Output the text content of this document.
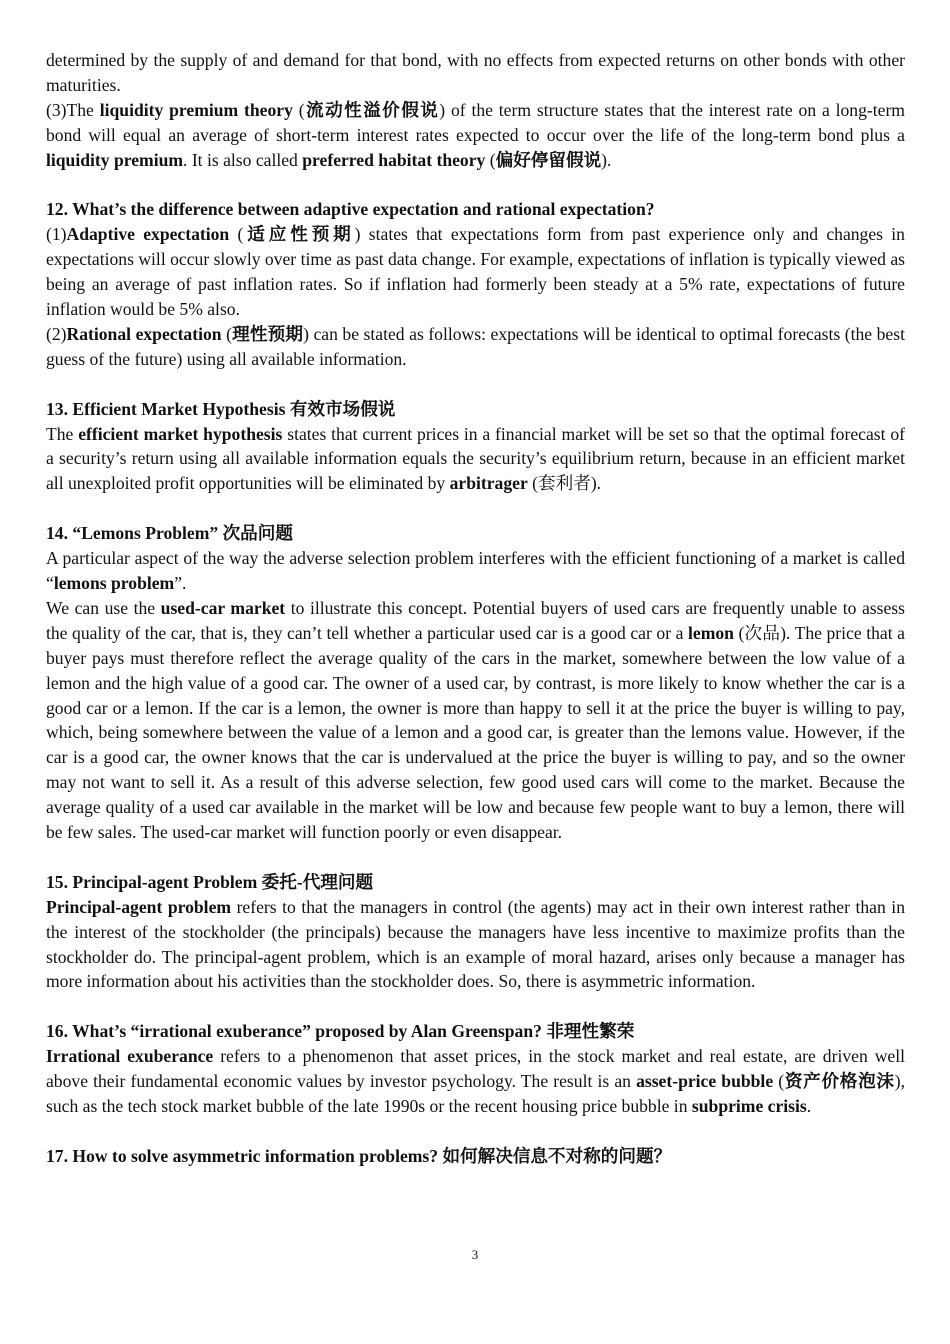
determined by the supply of and demand for that bond, with no effects from expected returns on other bonds with other maturities.

(3)The liquidity premium theory (流动性溢价假说) of the term structure states that the interest rate on a long-term bond will equal an average of short-term interest rates expected to occur over the life of the long-term bond plus a liquidity premium. It is also called preferred habitat theory (偏好停留假说).

12. What’s the difference between adaptive expectation and rational expectation?

(1)Adaptive expectation (适应性预期) states that expectations form from past experience only and changes in expectations will occur slowly over time as past data change. For example, expectations of inflation is typically viewed as being an average of past inflation rates. So if inflation had formerly been steady at a 5% rate, expectations of future inflation would be 5% also.

(2)Rational expectation (理性预期) can be stated as follows: expectations will be identical to optimal forecasts (the best guess of the future) using all available information.

13. Efficient Market Hypothesis 有效市场假说

The efficient market hypothesis states that current prices in a financial market will be set so that the optimal forecast of a security’s return using all available information equals the security’s equilibrium return, because in an efficient market all unexploited profit opportunities will be eliminated by arbitrager (套利者).

14. “Lemons Problem” 次品问题

A particular aspect of the way the adverse selection problem interferes with the efficient functioning of a market is called “lemons problem”.

We can use the used-car market to illustrate this concept. Potential buyers of used cars are frequently unable to assess the quality of the car, that is, they can’t tell whether a particular used car is a good car or a lemon (次品). The price that a buyer pays must therefore reflect the average quality of the cars in the market, somewhere between the low value of a lemon and the high value of a good car. The owner of a used car, by contrast, is more likely to know whether the car is a good car or a lemon. If the car is a lemon, the owner is more than happy to sell it at the price the buyer is willing to pay, which, being somewhere between the value of a lemon and a good car, is greater than the lemons value. However, if the car is a good car, the owner knows that the car is undervalued at the price the buyer is willing to pay, and so the owner may not want to sell it. As a result of this adverse selection, few good used cars will come to the market. Because the average quality of a used car available in the market will be low and because few people want to buy a lemon, there will be few sales. The used-car market will function poorly or even disappear.

15. Principal-agent Problem 委托-代理问题

Principal-agent problem refers to that the managers in control (the agents) may act in their own interest rather than in the interest of the stockholder (the principals) because the managers have less incentive to maximize profits than the stockholder do. The principal-agent problem, which is an example of moral hazard, arises only because a manager has more information about his activities than the stockholder does. So, there is asymmetric information.

16. What’s “irrational exuberance” proposed by Alan Greenspan? 非理性繁荣

Irrational exuberance refers to a phenomenon that asset prices, in the stock market and real estate, are driven well above their fundamental economic values by investor psychology. The result is an asset-price bubble (资产价格泡沫), such as the tech stock market bubble of the late 1990s or the recent housing price bubble in subprime crisis.

17. How to solve asymmetric information problems? 如何解决信息不对称的问题？

3
